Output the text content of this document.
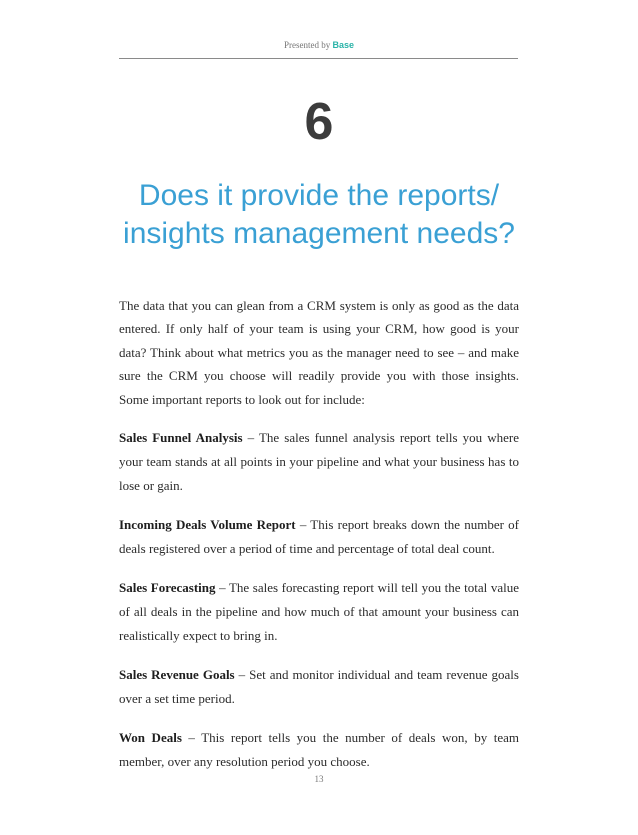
Presented by Base
6
Does it provide the reports/
insights management needs?

The data that you can glean from a CRM system is only as good as the data entered. If only half of your team is using your CRM, how good is your data? Think about what metrics you as the manager need to see – and make sure the CRM you choose will readily provide you with those insights. Some important reports to look out for include:

Sales Funnel Analysis – The sales funnel analysis report tells you where your team stands at all points in your pipeline and what your business has to lose or gain.

Incoming Deals Volume Report – This report breaks down the number of deals registered over a period of time and percentage of total deal count.

Sales Forecasting – The sales forecasting report will tell you the total value of all deals in the pipeline and how much of that amount your business can realistically expect to bring in.

Sales Revenue Goals – Set and monitor individual and team revenue goals over a set time period.

Won Deals – This report tells you the number of deals won, by team member, over any resolution period you choose.

13
